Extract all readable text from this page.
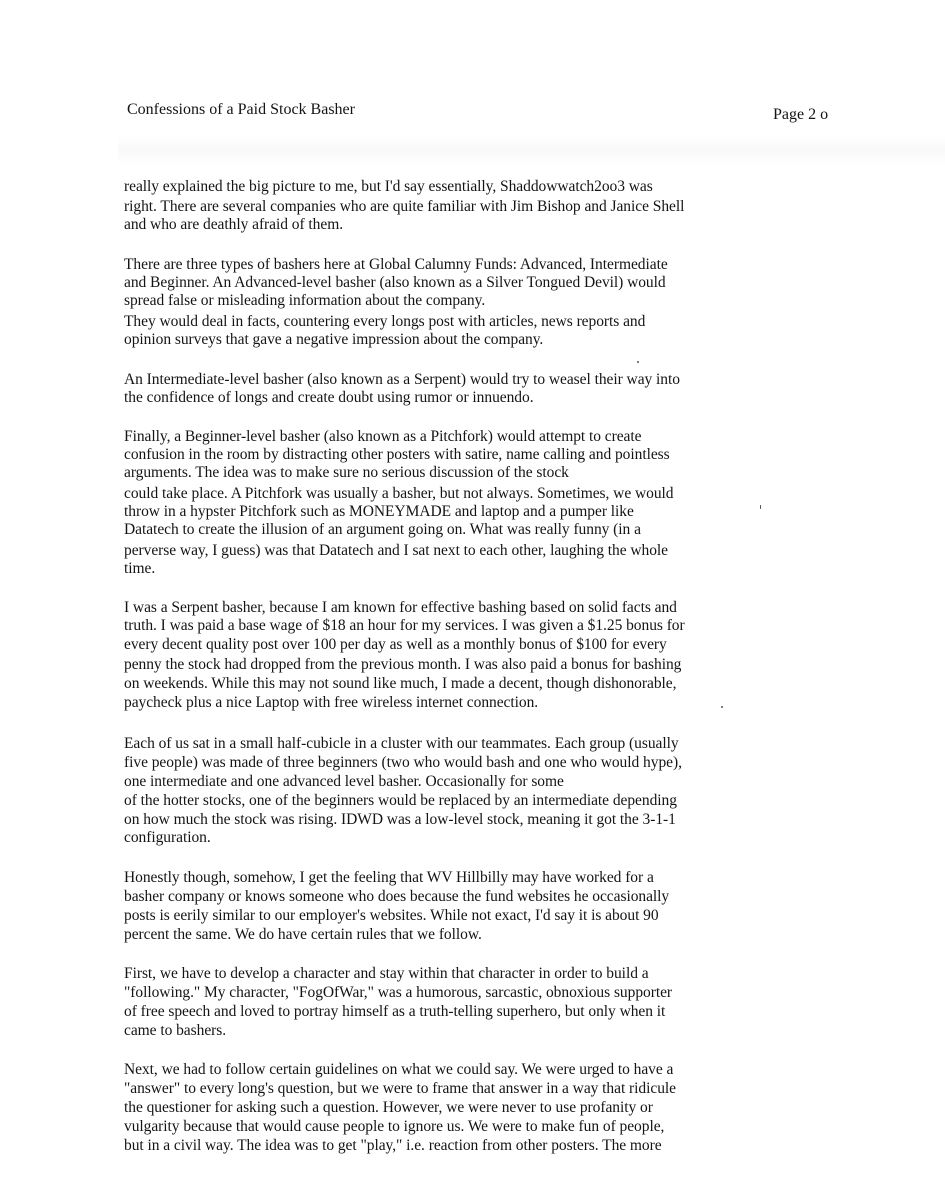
Confessions of a Paid Stock Basher	Page 2 o
really explained the big picture to me, but I'd say essentially, Shaddowwatch2oo3 was
right. There are several companies who are quite familiar with Jim Bishop and Janice Shell
and who are deathly afraid of them.
There are three types of bashers here at Global Calumny Funds: Advanced, Intermediate
and Beginner. An Advanced-level basher (also known as a Silver Tongued Devil) would
spread false or misleading information about the company.
They would deal in facts, countering every longs post with articles, news reports and
opinion surveys that gave a negative impression about the company.
An Intermediate-level basher (also known as a Serpent) would try to weasel their way into
the confidence of longs and create doubt using rumor or innuendo.
Finally, a Beginner-level basher (also known as a Pitchfork) would attempt to create
confusion in the room by distracting other posters with satire, name calling and pointless
arguments. The idea was to make sure no serious discussion of the stock
could take place. A Pitchfork was usually a basher, but not always. Sometimes, we would
throw in a hypster Pitchfork such as MONEYMADE and laptop and a pumper like
Datatech to create the illusion of an argument going on. What was really funny (in a
perverse way, I guess) was that Datatech and I sat next to each other, laughing the whole
time.
I was a Serpent basher, because I am known for effective bashing based on solid facts and
truth. I was paid a base wage of $18 an hour for my services. I was given a $1.25 bonus for
every decent quality post over 100 per day as well as a monthly bonus of $100 for every
penny the stock had dropped from the previous month. I was also paid a bonus for bashing
on weekends. While this may not sound like much, I made a decent, though dishonorable,
paycheck plus a nice Laptop with free wireless internet connection.
Each of us sat in a small half-cubicle in a cluster with our teammates. Each group (usually
five people) was made of three beginners (two who would bash and one who would hype),
one intermediate and one advanced level basher. Occasionally for some
of the hotter stocks, one of the beginners would be replaced by an intermediate depending
on how much the stock was rising. IDWD was a low-level stock, meaning it got the 3-1-1
configuration.
Honestly though, somehow, I get the feeling that WV Hillbilly may have worked for a
basher company or knows someone who does because the fund websites he occasionally
posts is eerily similar to our employer's websites. While not exact, I'd say it is about 90
percent the same. We do have certain rules that we follow.
First, we have to develop a character and stay within that character in order to build a
"following." My character, "FogOfWar," was a humorous, sarcastic, obnoxious supporter
of free speech and loved to portray himself as a truth-telling superhero, but only when it
came to bashers.
Next, we had to follow certain guidelines on what we could say. We were urged to have a
"answer" to every long's question, but we were to frame that answer in a way that ridicule
the questioner for asking such a question. However, we were never to use profanity or
vulgarity because that would cause people to ignore us. We were to make fun of people,
but in a civil way. The idea was to get "play," i.e. reaction from other posters. The more
